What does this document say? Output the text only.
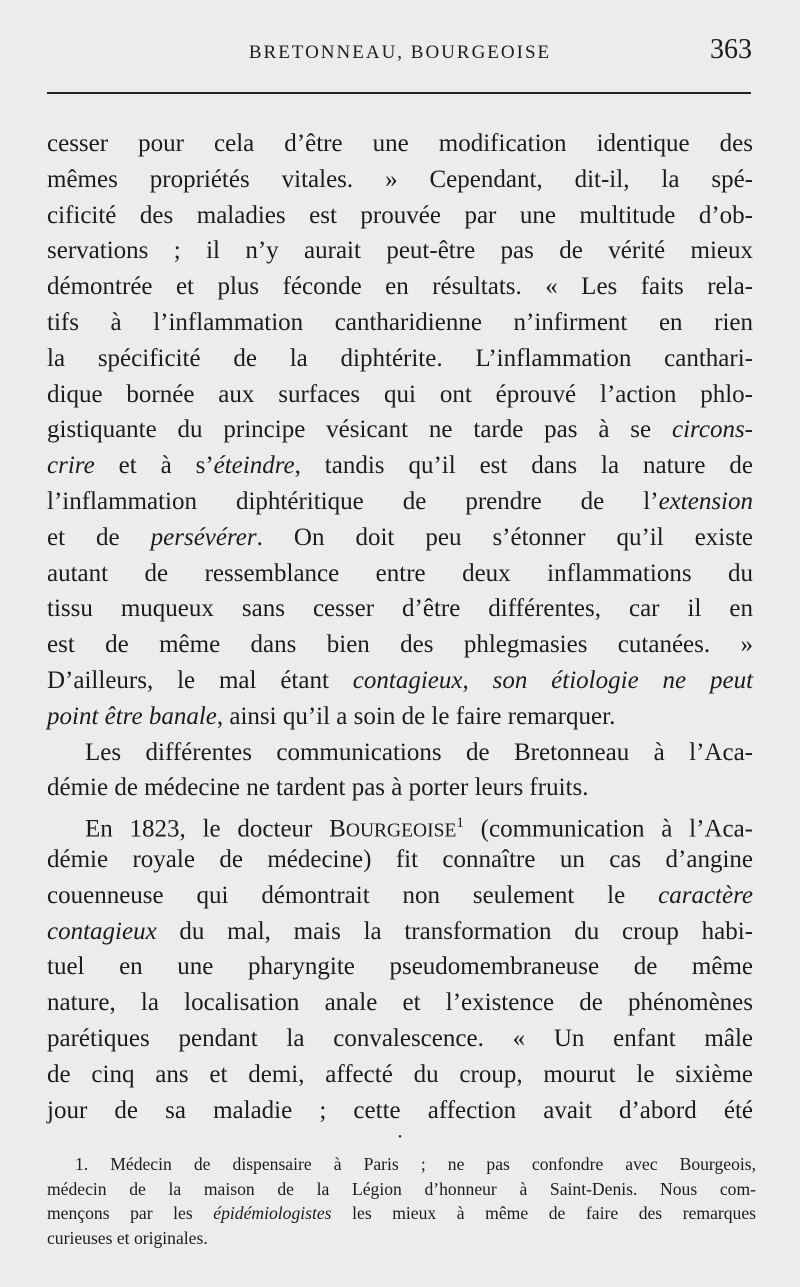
BRETONNEAU, BOURGEOISE	363
cesser pour cela d’être une modification identique des
mêmes propriétés vitales. » Cependant, dit-il, la spé-
cificité des maladies est prouvée par une multitude d’ob-
servations ; il n’y aurait peut-être pas de vérité mieux
démontrée et plus féconde en résultats. « Les faits rela-
tifs à l’inflammation cantharidienne n’infirment en rien
la spécificité de la diphtérite. L’inflammation canthari-
dique bornée aux surfaces qui ont éprouvé l’action phlo-
gistiquante du principe vésicant ne tarde pas à se circons-
crire et à s’éteindre, tandis qu’il est dans la nature de
l’inflammation diphtéritique de prendre de l’extension
et de persévérer. On doit peu s’étonner qu’il existe
autant de ressemblance entre deux inflammations du
tissu muqueux sans cesser d’être différentes, car il en
est de même dans bien des phlegmasies cutanées. »
D’ailleurs, le mal étant contagieux, son étiologie ne peut
point être banale, ainsi qu’il a soin de le faire remarquer.
Les différentes communications de Bretonneau à l’Aca-
démie de médecine ne tardent pas à porter leurs fruits.
En 1823, le docteur BOURGEOISE$^1$ (communication à l’Aca-
démie royale de médecine) fit connaître un cas d’angine
couenneuse qui démontrait non seulement le caractère
contagieux du mal, mais la transformation du croup habi-
tuel en une pharyngite pseudomembraneuse de même
nature, la localisation anale et l’existence de phénomènes
parétiques pendant la convalescence. « Un enfant mâle
de cinq ans et demi, affecté du croup, mourut le sixième
jour de sa maladie ; cette affection avait d’abord été
•
1. Médecin de dispensaire à Paris ; ne pas confondre avec Bourgeois,
médecin de la maison de la Légion d’honneur à Saint-Denis. Nous com-
mençons par les épidémiologistes les mieux à même de faire des remarques
curieuses et originales.
